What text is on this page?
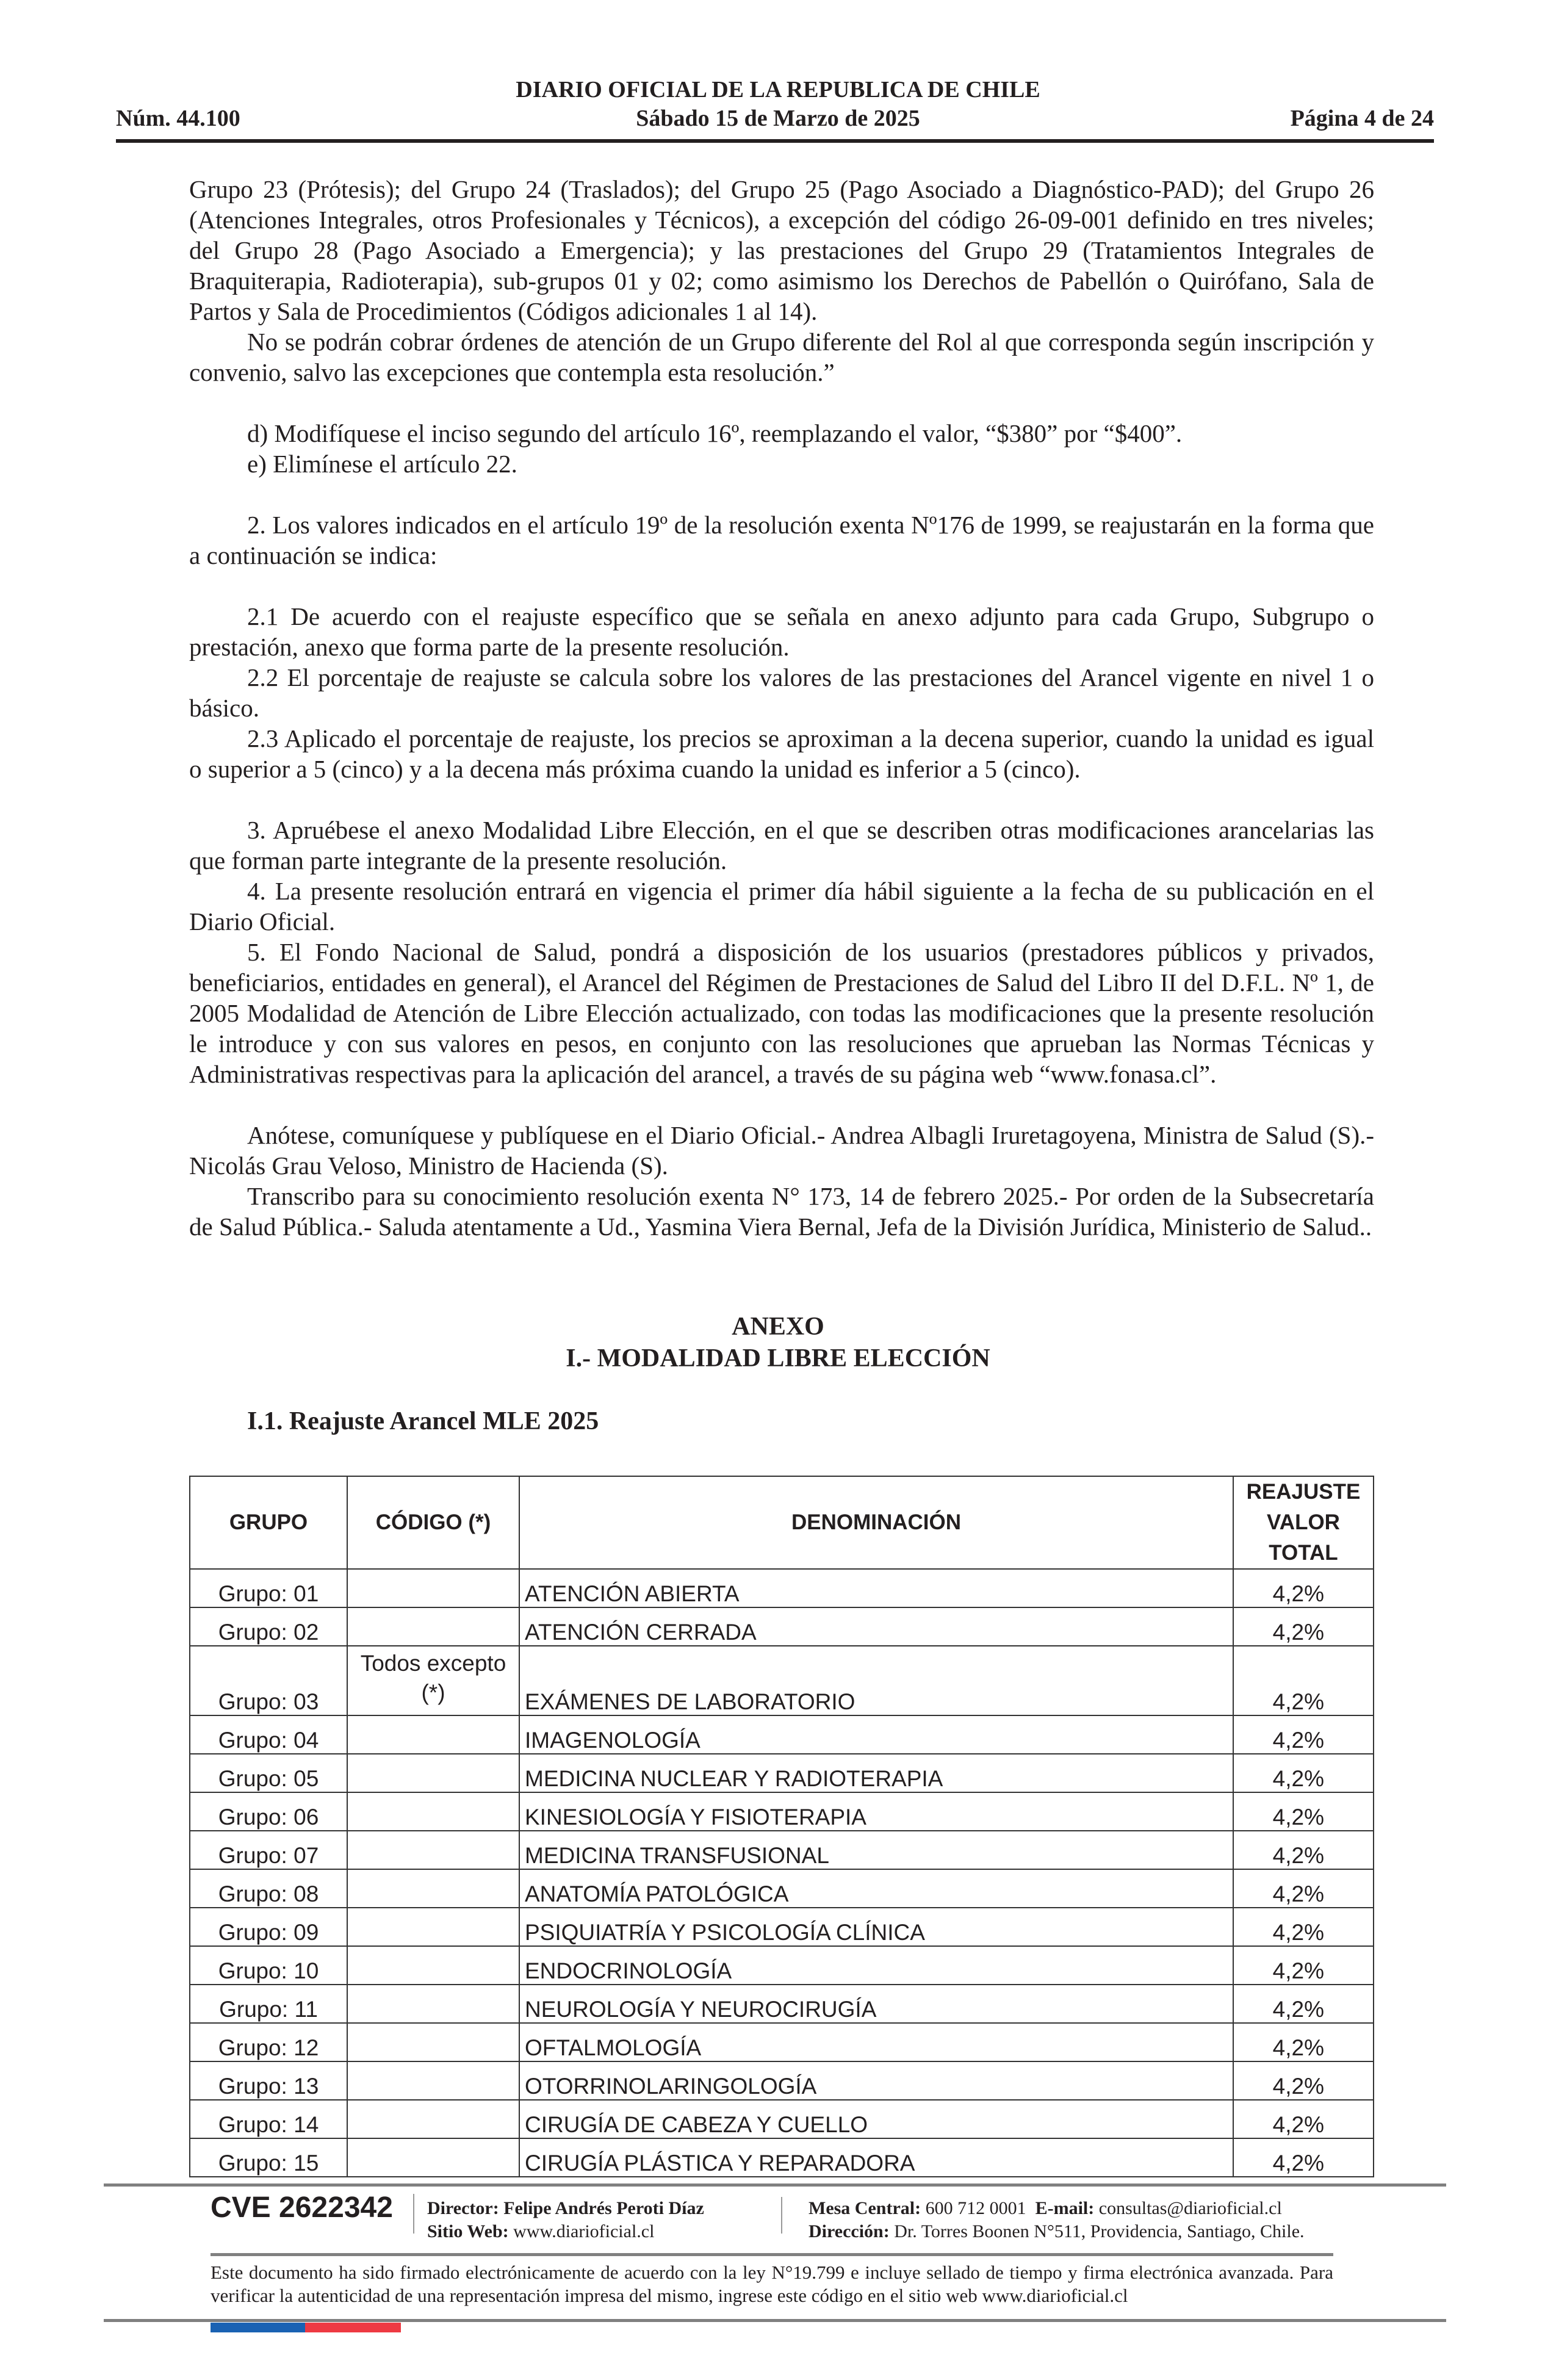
DIARIO OFICIAL DE LA REPUBLICA DE CHILE
Núm. 44.100	Sábado 15 de Marzo de 2025	Página 4 de 24

Grupo 23 (Prótesis); del Grupo 24 (Traslados); del Grupo 25 (Pago Asociado a Diagnóstico-PAD); del Grupo 26 (Atenciones Integrales, otros Profesionales y Técnicos), a excepción del código 26-09-001 definido en tres niveles; del Grupo 28 (Pago Asociado a Emergencia); y las prestaciones del Grupo 29 (Tratamientos Integrales de Braquiterapia, Radioterapia), sub-grupos 01 y 02; como asimismo los Derechos de Pabellón o Quirófano, Sala de Partos y Sala de Procedimientos (Códigos adicionales 1 al 14).

No se podrán cobrar órdenes de atención de un Grupo diferente del Rol al que corresponda según inscripción y convenio, salvo las excepciones que contempla esta resolución.”

d) Modifíquese el inciso segundo del artículo 16º, reemplazando el valor, “$380” por “$400”.

e) Elimínese el artículo 22.

2. Los valores indicados en el artículo 19º de la resolución exenta Nº176 de 1999, se reajustarán en la forma que a continuación se indica:

2.1 De acuerdo con el reajuste específico que se señala en anexo adjunto para cada Grupo, Subgrupo o prestación, anexo que forma parte de la presente resolución.

2.2 El porcentaje de reajuste se calcula sobre los valores de las prestaciones del Arancel vigente en nivel 1 o básico.

2.3 Aplicado el porcentaje de reajuste, los precios se aproximan a la decena superior, cuando la unidad es igual o superior a 5 (cinco) y a la decena más próxima cuando la unidad es inferior a 5 (cinco).

3. Apruébese el anexo Modalidad Libre Elección, en el que se describen otras modificaciones arancelarias las que forman parte integrante de la presente resolución.

4. La presente resolución entrará en vigencia el primer día hábil siguiente a la fecha de su publicación en el Diario Oficial.

5. El Fondo Nacional de Salud, pondrá a disposición de los usuarios (prestadores públicos y privados, beneficiarios, entidades en general), el Arancel del Régimen de Prestaciones de Salud del Libro II del D.F.L. Nº 1, de 2005 Modalidad de Atención de Libre Elección actualizado, con todas las modificaciones que la presente resolución le introduce y con sus valores en pesos, en conjunto con las resoluciones que aprueban las Normas Técnicas y Administrativas respectivas para la aplicación del arancel, a través de su página web “www.fonasa.cl”.

Anótese, comuníquese y publíquese en el Diario Oficial.- Andrea Albagli Iruretagoyena, Ministra de Salud (S).- Nicolás Grau Veloso, Ministro de Hacienda (S).

Transcribo para su conocimiento resolución exenta N° 173, 14 de febrero 2025.- Por orden de la Subsecretaría de Salud Pública.- Saluda atentamente a Ud., Yasmina Viera Bernal, Jefa de la División Jurídica, Ministerio de Salud..

ANEXO
I.- MODALIDAD LIBRE ELECCIÓN
I.1. Reajuste Arancel MLE 2025
GRUPO	CÓDIGO (*)	DENOMINACIÓN	REAJUSTE VALOR TOTAL
Grupo: 01		ATENCIÓN ABIERTA	4,2%
Grupo: 02		ATENCIÓN CERRADA	4,2%
Grupo: 03	Todos excepto (*)	EXÁMENES DE LABORATORIO	4,2%
Grupo: 04		IMAGENOLOGÍA	4,2%
Grupo: 05		MEDICINA NUCLEAR Y RADIOTERAPIA	4,2%
Grupo: 06		KINESIOLOGÍA Y FISIOTERAPIA	4,2%
Grupo: 07		MEDICINA TRANSFUSIONAL	4,2%
Grupo: 08		ANATOMÍA PATOLÓGICA	4,2%
Grupo: 09		PSIQUIATRÍA Y PSICOLOGÍA CLÍNICA	4,2%
Grupo: 10		ENDOCRINOLOGÍA	4,2%
Grupo: 11		NEUROLOGÍA Y NEUROCIRUGÍA	4,2%
Grupo: 12		OFTALMOLOGÍA	4,2%
Grupo: 13		OTORRINOLARINGOLOGÍA	4,2%
Grupo: 14		CIRUGÍA DE CABEZA Y CUELLO	4,2%
Grupo: 15		CIRUGÍA PLÁSTICA Y REPARADORA	4,2%
CVE 2622342 Director: Felipe Andrés Peroti Díaz
Sitio Web: www.diarioficial.cl
Mesa Central: 600 712 0001 E-mail: consultas@diarioficial.cl
Dirección: Dr. Torres Boonen N°511, Providencia, Santiago, Chile.
Este documento ha sido firmado electrónicamente de acuerdo con la ley N°19.799 e incluye sellado de tiempo y firma electrónica avanzada. Para verificar la autenticidad de una representación impresa del mismo, ingrese este código en el sitio web www.diarioficial.cl
